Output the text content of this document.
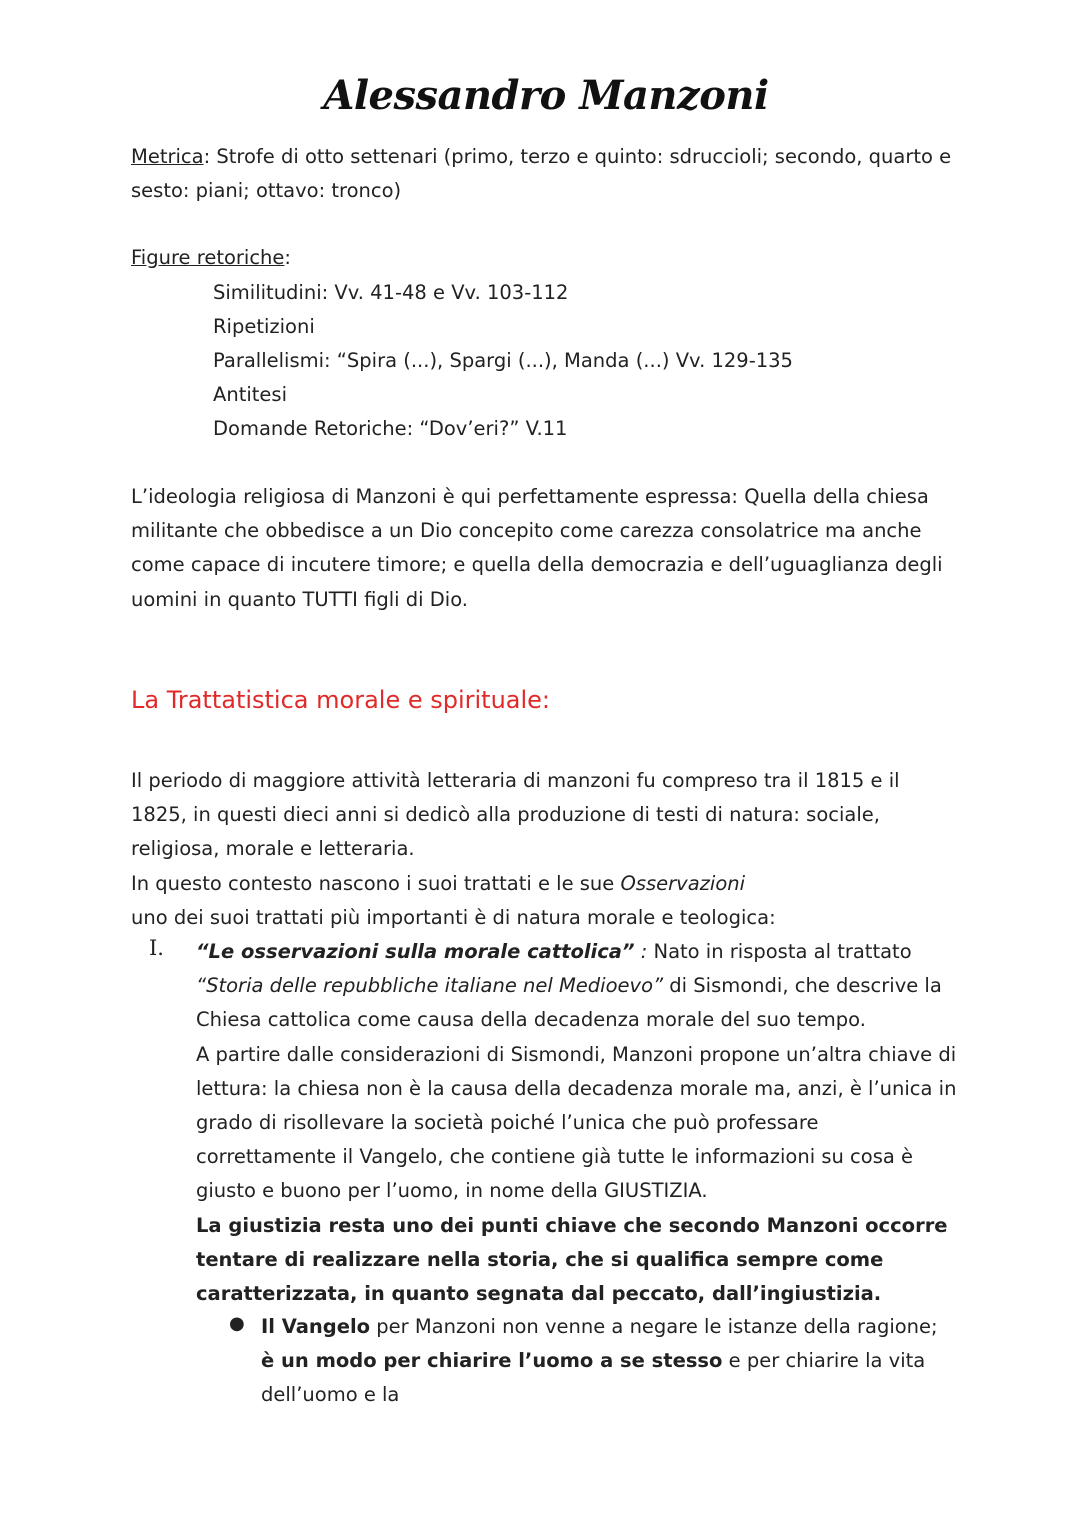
Alessandro Manzoni

Metrica: Strofe di otto settenari (primo, terzo e quinto: sdruccioli; secondo, quarto e sesto: piani; ottavo: tronco)

Figure retoriche:

Similitudini: Vv. 41-48 e Vv. 103-112
Ripetizioni
Parallelismi: “Spira (...), Spargi (...), Manda (...) Vv. 129-135
Antitesi
Domande Retoriche: “Dov’eri?” V.11

L’ideologia religiosa di Manzoni è qui perfettamente espressa: Quella della chiesa militante che obbedisce a un Dio concepito come carezza consolatrice ma anche come capace di incutere timore; e quella della democrazia e dell’uguaglianza degli uomini in quanto TUTTI figli di Dio.

La Trattatistica morale e spirituale:

Il periodo di maggiore attività letteraria di manzoni fu compreso tra il 1815 e il 1825, in questi dieci anni si dedicò alla produzione di testi di natura: sociale, religiosa, morale e letteraria.
In questo contesto nascono i suoi trattati e le sue Osservazioni
uno dei suoi trattati più importanti è di natura morale e teologica:

I. “Le osservazioni sulla morale cattolica” : Nato in risposta al trattato “Storia delle repubbliche italiane nel Medioevo” di Sismondi, che descrive la Chiesa cattolica come causa della decadenza morale del suo tempo.
A partire dalle considerazioni di Sismondi, Manzoni propone un’altra chiave di lettura: la chiesa non è la causa della decadenza morale ma, anzi, è l’unica in grado di risollevare la società poiché l’unica che può professare correttamente il Vangelo, che contiene già tutte le informazioni su cosa è giusto e buono per l’uomo, in nome della GIUSTIZIA.
La giustizia resta uno dei punti chiave che secondo Manzoni occorre tentare di realizzare nella storia, che si qualifica sempre come caratterizzata, in quanto segnata dal peccato, dall’ingiustizia.

● Il Vangelo per Manzoni non venne a negare le istanze della ragione; è un modo per chiarire l’uomo a se stesso e per chiarire la vita dell’uomo e la
